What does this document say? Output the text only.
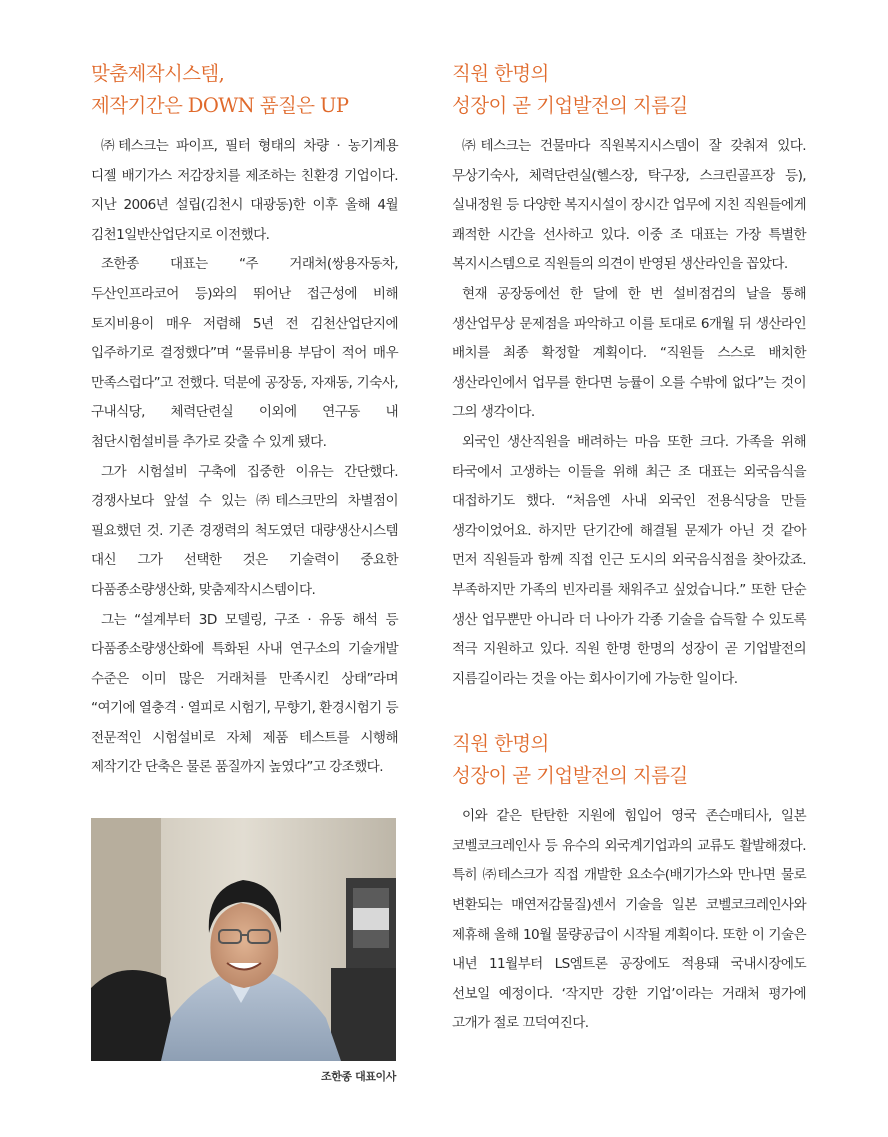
맞춤제작시스템,
제작기간은 DOWN 품질은 UP

㈜테스크는 파이프, 필터 형태의 차량 · 농기계용 디젤 배기가스 저감장치를 제조하는 친환경 기업이다. 지난 2006년 설립(김천시 대광동)한 이후 올해 4월 김천1일반산업단지로 이전했다.

조한종 대표는 “주 거래처(쌍용자동차, 두산인프라코어 등)와의 뛰어난 접근성에 비해 토지비용이 매우 저렴해 5년 전 김천산업단지에 입주하기로 결정했다”며 “물류비용 부담이 적어 매우 만족스럽다”고 전했다. 덕분에 공장동, 자재동, 기숙사, 구내식당, 체력단련실 이외에 연구동 내 첨단시험설비를 추가로 갖출 수 있게 됐다.

그가 시험설비 구축에 집중한 이유는 간단했다. 경쟁사보다 앞설 수 있는 ㈜테스크만의 차별점이 필요했던 것. 기존 경쟁력의 척도였던 대량생산시스템 대신 그가 선택한 것은 기술력이 중요한 다품종소량생산화, 맞춤제작시스템이다.

그는 “설계부터 3D 모델링, 구조 · 유동 해석 등 다품종소량생산화에 특화된 사내 연구소의 기술개발 수준은 이미 많은 거래처를 만족시킨 상태”라며 “여기에 열충격 · 열피로 시험기, 무향기, 환경시험기 등 전문적인 시험설비로 자체 제품 테스트를 시행해 제작기간 단축은 물론 품질까지 높였다”고 강조했다.

조한종 대표이사
직원 한명의
성장이 곧 기업발전의 지름길

㈜테스크는 건물마다 직원복지시스템이 잘 갖춰져 있다. 무상기숙사, 체력단련실(헬스장, 탁구장, 스크린골프장 등), 실내정원 등 다양한 복지시설이 장시간 업무에 지친 직원들에게 쾌적한 시간을 선사하고 있다. 이중 조 대표는 가장 특별한 복지시스템으로 직원들의 의견이 반영된 생산라인을 꼽았다.

현재 공장동에선 한 달에 한 번 설비점검의 날을 통해 생산업무상 문제점을 파악하고 이를 토대로 6개월 뒤 생산라인 배치를 최종 확정할 계획이다. “직원들 스스로 배치한 생산라인에서 업무를 한다면 능률이 오를 수밖에 없다”는 것이 그의 생각이다.

외국인 생산직원을 배려하는 마음 또한 크다. 가족을 위해 타국에서 고생하는 이들을 위해 최근 조 대표는 외국음식을 대접하기도 했다. “처음엔 사내 외국인 전용식당을 만들 생각이었어요. 하지만 단기간에 해결될 문제가 아닌 것 같아 먼저 직원들과 함께 직접 인근 도시의 외국음식점을 찾아갔죠. 부족하지만 가족의 빈자리를 채워주고 싶었습니다.” 또한 단순 생산 업무뿐만 아니라 더 나아가 각종 기술을 습득할 수 있도록 적극 지원하고 있다. 직원 한명 한명의 성장이 곧 기업발전의 지름길이라는 것을 아는 회사이기에 가능한 일이다.

직원 한명의
성장이 곧 기업발전의 지름길

이와 같은 탄탄한 지원에 힘입어 영국 존슨매티사, 일본 코벨코크레인사 등 유수의 외국계기업과의 교류도 활발해졌다. 특히 ㈜테스크가 직접 개발한 요소수(배기가스와 만나면 물로 변환되는 매연저감물질)센서 기술을 일본 코벨코크레인사와 제휴해 올해 10월 물량공급이 시작될 계획이다. 또한 이 기술은 내년 11월부터 LS엠트론 공장에도 적용돼 국내시장에도 선보일 예정이다. ‘작지만 강한 기업’이라는 거래처 평가에 고개가 절로 끄덕여진다.
